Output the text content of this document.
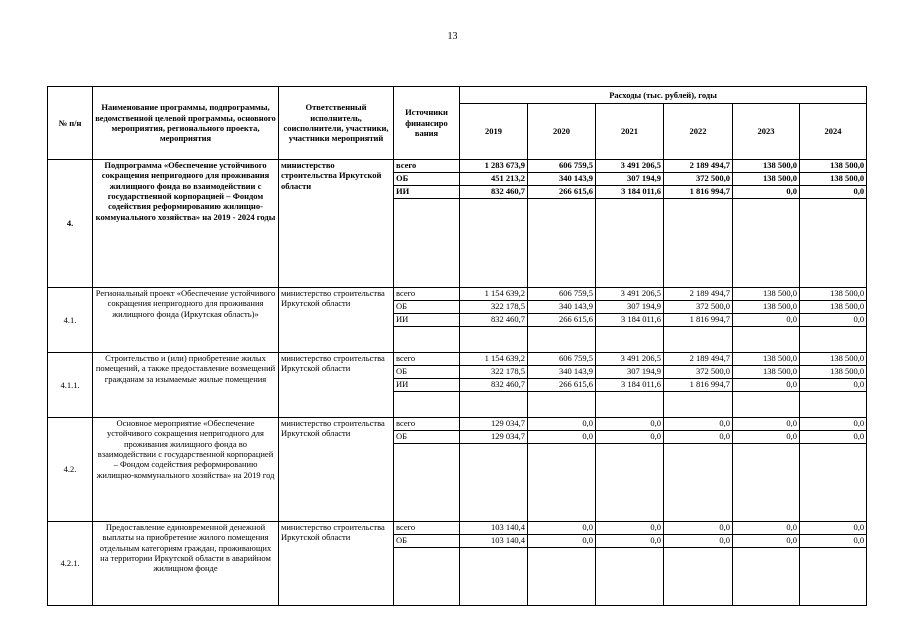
13
№ п/н	Наименование программы, подпрограммы, ведомственной целевой программы, основного мероприятия, регионального проекта, мероприятия	Ответственный исполнитель, соисполнители, участники, участники мероприятий	Источники финансиро вания	Расходы (тыс. рублей), годы					
				2019	2020	2021	2022	2023	2024
4.	Подпрограмма «Обеспечение устойчивого сокращения непригодного для проживания жилищного фонда во взаимодействии с государственной корпорацией – Фондом содействия реформированию жилищно-коммунального хозяйства» на 2019 - 2024 годы	министерство строительства Иркутской области	всего	1 283 673,9	606 759,5	3 491 206,5	2 189 494,7	138 500,0	138 500,0
			ОБ	451 213,2	340 143,9	307 194,9	372 500,0	138 500,0	138 500,0
			ИИ	832 460,7	266 615,6	3 184 011,6	1 816 994,7	0,0	0,0

4.1.	Региональный проект «Обеспечение устойчивого сокращения непригодного для проживания жилищного фонда (Иркутская область)»	министерство строительства Иркутской области	всего	1 154 639,2	606 759,5	3 491 206,5	2 189 494,7	138 500,0	138 500,0
			ОБ	322 178,5	340 143,9	307 194,9	372 500,0	138 500,0	138 500,0
			ИИ	832 460,7	266 615,6	3 184 011,6	1 816 994,7	0,0	0,0

4.1.1.	Строительство и (или) приобретение жилых помещений, а также предоставление возмещений гражданам за изымаемые жилые помещения	министерство строительства Иркутской области	всего	1 154 639,2	606 759,5	3 491 206,5	2 189 494,7	138 500,0	138 500,0
			ОБ	322 178,5	340 143,9	307 194,9	372 500,0	138 500,0	138 500,0
			ИИ	832 460,7	266 615,6	3 184 011,6	1 816 994,7	0,0	0,0

4.2.	Основное мероприятие «Обеспечение устойчивого сокращения непригодного для проживания жилищного фонда во взаимодействии с государственной корпорацией – Фондом содействия реформированию жилищно-коммунального хозяйства» на 2019 год	министерство строительства Иркутской области	всего	129 034,7	0,0	0,0	0,0	0,0	0,0
			ОБ	129 034,7	0,0	0,0	0,0	0,0	0,0

4.2.1.	Предоставление единовременной денежной выплаты на приобретение жилого помещения отдельным категориям граждан, проживающих на территории Иркутской области в аварийном жилищном фонде	министерство строительства Иркутской области	всего	103 140,4	0,0	0,0	0,0	0,0	0,0
			ОБ	103 140,4	0,0	0,0	0,0	0,0	0,0
